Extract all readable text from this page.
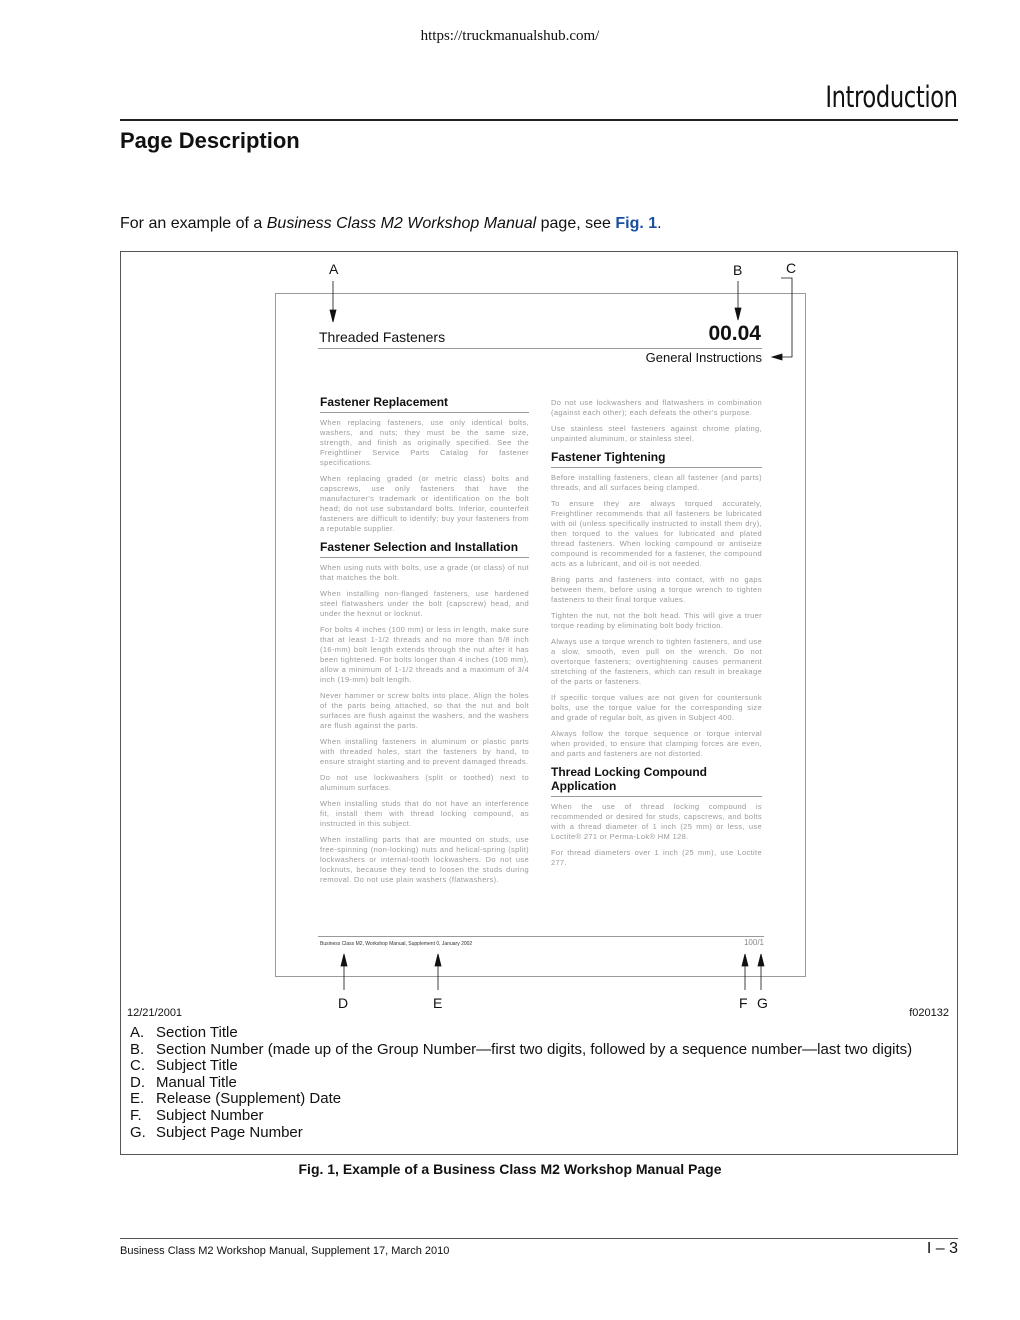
https://truckmanualshub.com/
Introduction
Page Description
For an example of a Business Class M2 Workshop Manual page, see Fig. 1.
A	B	C
D	E	F G
Threaded Fasteners	00.04
General Instructions
Fastener Replacement
When replacing fasteners, use only identical bolts, washers, and nuts; they must be the same size, strength, and finish as originally specified. See the Freightliner Service Parts Catalog for fastener specifications.
When replacing graded (or metric class) bolts and capscrews, use only fasteners that have the manufacturer's trademark or identification on the bolt head; do not use substandard bolts. Inferior, counterfeit fasteners are difficult to identify; buy your fasteners from a reputable supplier.
Fastener Selection and Installation
When using nuts with bolts, use a grade (or class) of nut that matches the bolt.
When installing non-flanged fasteners, use hardened steel flatwashers under the bolt (capscrew) head, and under the hexnut or locknut.
For bolts 4 inches (100 mm) or less in length, make sure that at least 1-1/2 threads and no more than 5/8 inch (16-mm) bolt length extends through the nut after it has been tightened. For bolts longer than 4 inches (100 mm), allow a minimum of 1-1/2 threads and a maximum of 3/4 inch (19-mm) bolt length.
Never hammer or screw bolts into place. Align the holes of the parts being attached, so that the nut and bolt surfaces are flush against the washers, and the washers are flush against the parts.
When installing fasteners in aluminum or plastic parts with threaded holes, start the fasteners by hand, to ensure straight starting and to prevent damaged threads.
Do not use lockwashers (split or toothed) next to aluminum surfaces.
When installing studs that do not have an interference fit, install them with thread locking compound, as instructed in this subject.
When installing parts that are mounted on studs, use free-spinning (non-locking) nuts and helical-spring (split) lockwashers or internal-tooth lockwashers. Do not use locknuts, because they tend to loosen the studs during removal. Do not use plain washers (flatwashers).
Do not use lockwashers and flatwashers in combination (against each other); each defeats the other's purpose.
Use stainless steel fasteners against chrome plating, unpainted aluminum, or stainless steel.
Fastener Tightening
Before installing fasteners, clean all fastener (and parts) threads, and all surfaces being clamped.
To ensure they are always torqued accurately, Freightliner recommends that all fasteners be lubricated with oil (unless specifically instructed to install them dry), then torqued to the values for lubricated and plated thread fasteners. When locking compound or antiseize compound is recommended for a fastener, the compound acts as a lubricant, and oil is not needed.
Bring parts and fasteners into contact, with no gaps between them, before using a torque wrench to tighten fasteners to their final torque values.
Tighten the nut, not the bolt head. This will give a truer torque reading by eliminating bolt body friction.
Always use a torque wrench to tighten fasteners, and use a slow, smooth, even pull on the wrench. Do not overtorque fasteners; overtightening causes permanent stretching of the fasteners, which can result in breakage of the parts or fasteners.
If specific torque values are not given for countersunk bolts, use the torque value for the corresponding size and grade of regular bolt, as given in Subject 400.
Always follow the torque sequence or torque interval when provided, to ensure that clamping forces are even, and parts and fasteners are not distorted.
Thread Locking Compound Application
When the use of thread locking compound is recommended or desired for studs, capscrews, and bolts with a thread diameter of 1 inch (25 mm) or less, use Loctite® 271 or Perma-Lok® HM 128.
For thread diameters over 1 inch (25 mm), use Loctite 277.
Business Class M2, Workshop Manual, Supplement 0, January 2002	100/1
12/21/2001	f020132
A. Section Title
B. Section Number (made up of the Group Number—first two digits, followed by a sequence number—last two digits)
C. Subject Title
D. Manual Title
E. Release (Supplement) Date
F. Subject Number
G. Subject Page Number
Fig. 1, Example of a Business Class M2 Workshop Manual Page
Business Class M2 Workshop Manual, Supplement 17, March 2010	I – 3
